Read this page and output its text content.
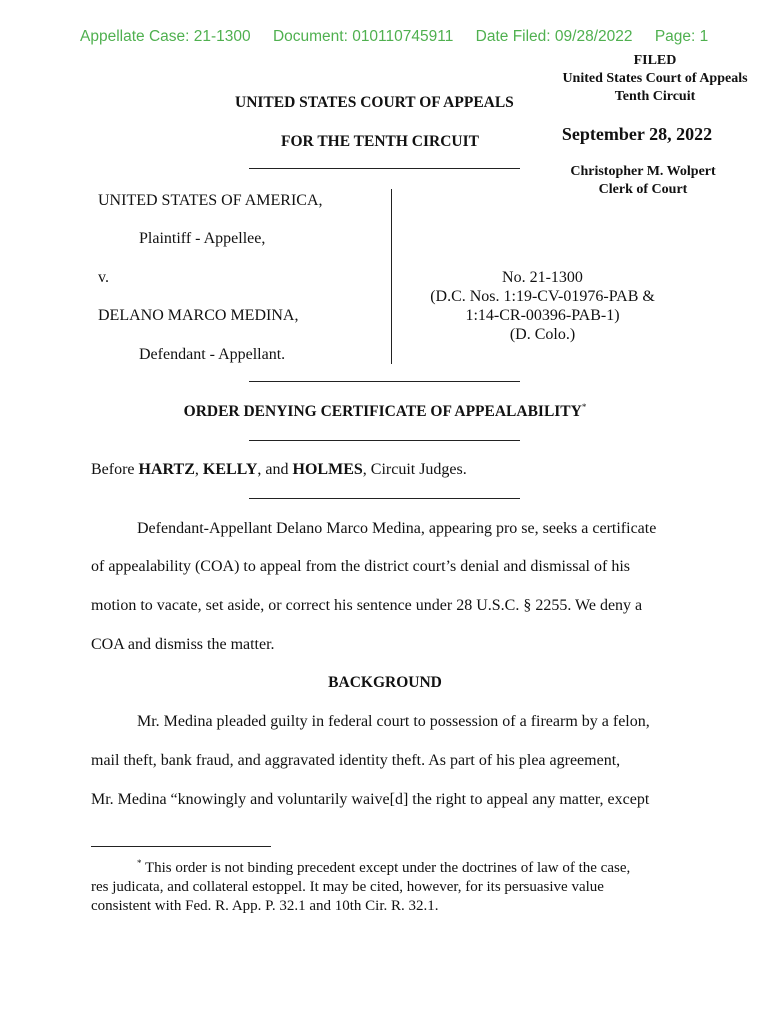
Appellate Case: 21-1300 Document: 010110745911 Date Filed: 09/28/2022 Page: 1
FILED
United States Court of Appeals
Tenth Circuit
September 28, 2022
Christopher M. Wolpert
Clerk of Court
UNITED STATES COURT OF APPEALS
FOR THE TENTH CIRCUIT
UNITED STATES OF AMERICA,
Plaintiff - Appellee,
v.
DELANO MARCO MEDINA,
Defendant - Appellant.
No. 21-1300
(D.C. Nos. 1:19-CV-01976-PAB &
1:14-CR-00396-PAB-1)
(D. Colo.)
ORDER DENYING CERTIFICATE OF APPEALABILITY*
Before HARTZ, KELLY, and HOLMES, Circuit Judges.
Defendant-Appellant Delano Marco Medina, appearing pro se, seeks a certificate
of appealability (COA) to appeal from the district court’s denial and dismissal of his
motion to vacate, set aside, or correct his sentence under 28 U.S.C. § 2255. We deny a
COA and dismiss the matter.
BACKGROUND
Mr. Medina pleaded guilty in federal court to possession of a firearm by a felon,
mail theft, bank fraud, and aggravated identity theft. As part of his plea agreement,
Mr. Medina “knowingly and voluntarily waive[d] the right to appeal any matter, except
* This order is not binding precedent except under the doctrines of law of the case,
res judicata, and collateral estoppel. It may be cited, however, for its persuasive value
consistent with Fed. R. App. P. 32.1 and 10th Cir. R. 32.1.
